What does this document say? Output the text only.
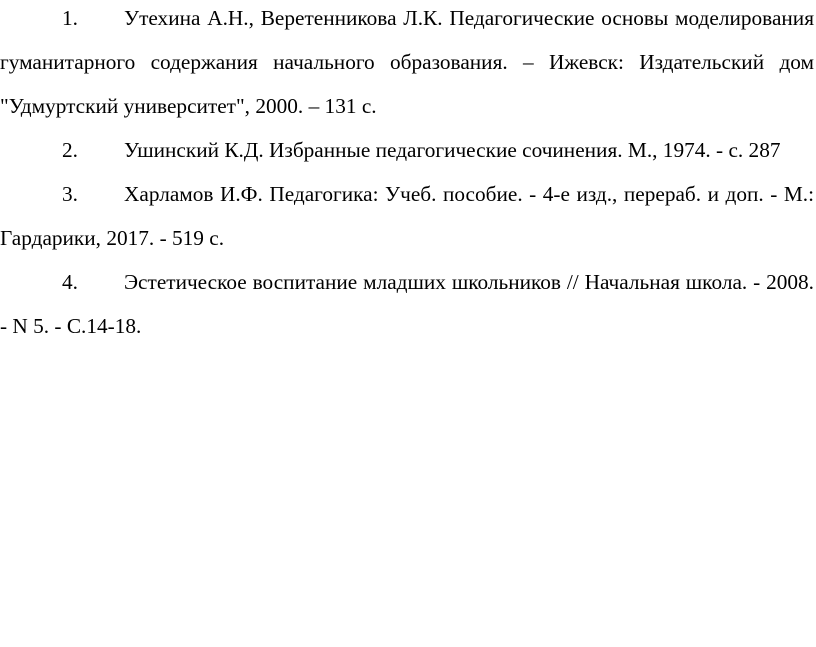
1. Утехина А.Н., Веретенникова Л.К. Педагогические основы моделирования гуманитарного содержания начального образования. – Ижевск: Издательский дом "Удмуртский университет", 2000. – 131 с.
2. Ушинский К.Д. Избранные педагогические сочинения. М., 1974. - с. 287
3. Харламов И.Ф. Педагогика: Учеб. пособие. - 4-е изд., перераб. и доп. - М.: Гардарики, 2017. - 519 с.
4. Эстетическое воспитание младших школьников // Начальная школа. - 2008. - N 5. - С.14-18.
